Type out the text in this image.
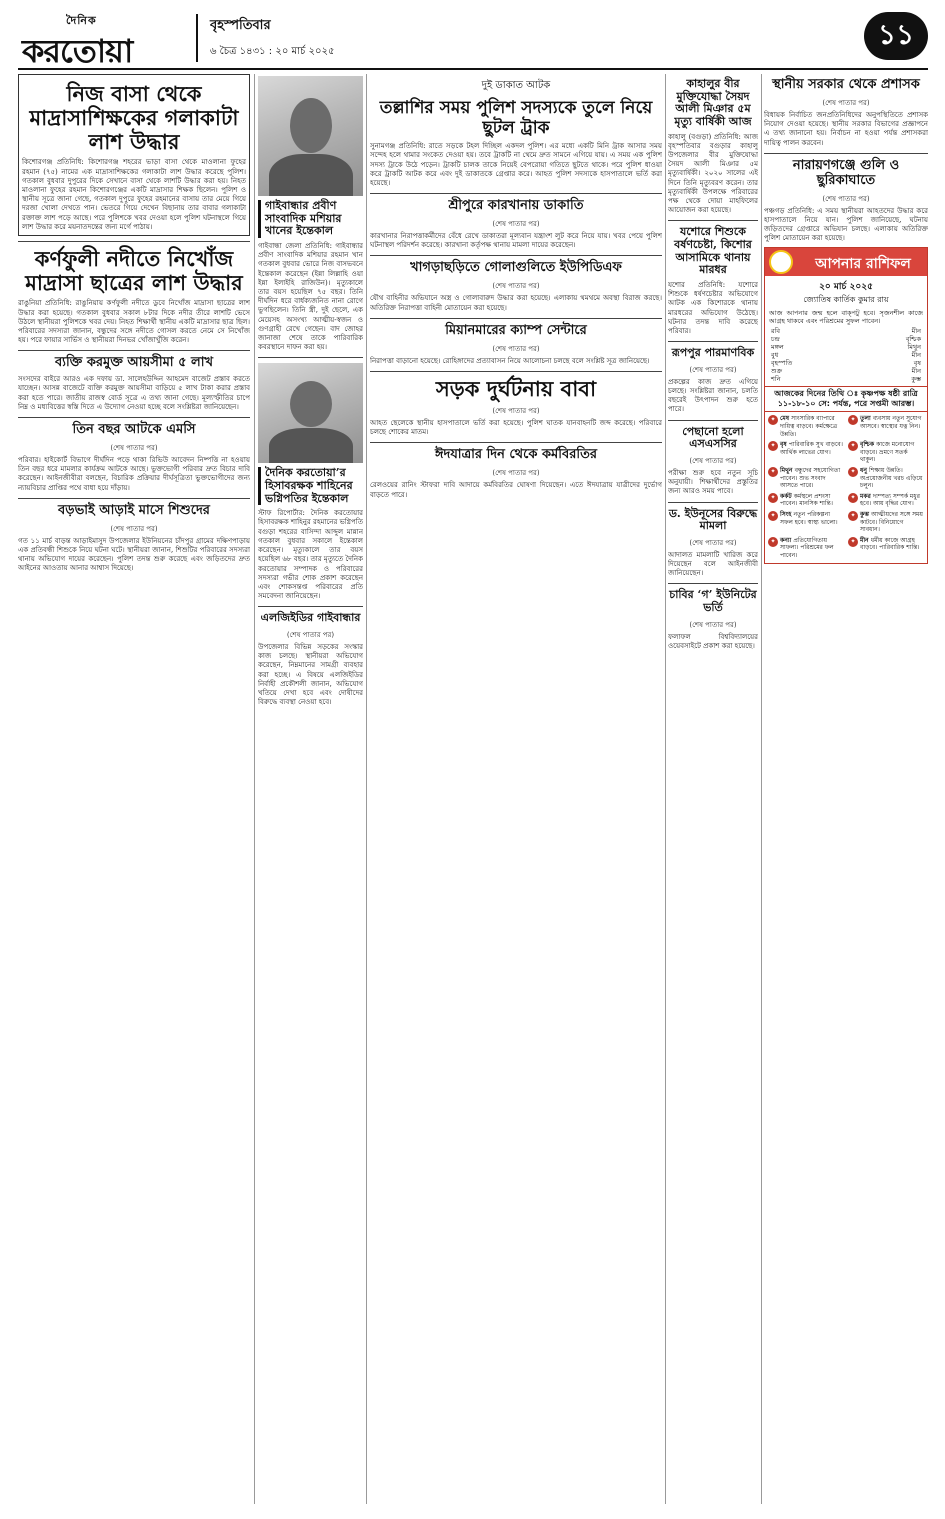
দৈনিক
করতোয়া
বৃহস্পতিবার
৬ চৈত্র ১৪৩১ : ২০ মার্চ ২০২৫
১১
নিজ বাসা থেকে মাদ্রাসাশিক্ষকের গলাকাটা লাশ উদ্ধার

কিশোরগঞ্জ প্রতিনিধি: কিশোরগঞ্জ শহরের ভাড়া বাসা থেকে মাওলানা ফুহের রহমান (৭৫) নামের এক মাদ্রাসাশিক্ষকের গলাকাটা লাশ উদ্ধার করেছে পুলিশ। গতকাল বুধবার দুপুরের দিকে সেখানে বাসা থেকে লাশটি উদ্ধার করা হয়। নিহত মাওলানা ফুহের রহমান কিশোরগঞ্জের একটি মাদ্রাসার শিক্ষক ছিলেন। পুলিশ ও স্থানীয় সূত্রে জানা গেছে, গতকাল দুপুরে ফুহের রহমানের বাসায় তার মেয়ে গিয়ে দরজা খোলা দেখতে পান। ভেতরে গিয়ে দেখেন বিছানায় তার বাবার গলাকাটা রক্তাক্ত লাশ পড়ে আছে। পরে পুলিশকে খবর দেওয়া হলে পুলিশ ঘটনাস্থলে গিয়ে লাশ উদ্ধার করে ময়নাতদন্তের জন্য মর্গে পাঠায়।

কর্ণফুলী নদীতে নিখোঁজ মাদ্রাসা ছাত্রের লাশ উদ্ধার

রাঙুনিয়া প্রতিনিধি: রাঙুনিয়ায় কর্ণফুলী নদীতে ডুবে নিখোঁজ মাদ্রাসা ছাত্রের লাশ উদ্ধার করা হয়েছে। গতকাল বুধবার সকাল ৮টার দিকে নদীর তীরে লাশটি ভেসে উঠলে স্থানীয়রা পুলিশকে খবর দেয়। নিহত শিক্ষার্থী স্থানীয় একটি মাদ্রাসার ছাত্র ছিল। পরিবারের সদস্যরা জানান, বন্ধুদের সঙ্গে নদীতে গোসল করতে নেমে সে নিখোঁজ হয়। পরে ফায়ার সার্ভিস ও স্থানীয়রা দিনভর খোঁজাখুঁজি করেন।

ব্যক্তি করমুক্ত আয়সীমা ৫ লাখ

সংসদের বাইরে আরও এক দফায় ডা. সালেহউদ্দিন আহমেদ বাজেট প্রস্তাব করতে যাচ্ছেন। আসন্ন বাজেটে ব্যক্তি করমুক্ত আয়সীমা বাড়িয়ে ৫ লাখ টাকা করার প্রস্তাব করা হতে পারে। জাতীয় রাজস্ব বোর্ড সূত্রে এ তথ্য জানা গেছে। মূল্যস্ফীতির চাপে নিম্ন ও মধ্যবিত্তের স্বস্তি দিতে এ উদ্যোগ নেওয়া হচ্ছে বলে সংশ্লিষ্টরা জানিয়েছেন।

তিন বছর আটকে এমসি

(শেষ পাতার পর)

পরিবার। হাইকোর্ট বিভাগে দীর্ঘদিন পড়ে থাকা রিভিউ আবেদন নিষ্পত্তি না হওয়ায় তিন বছর ধরে মামলার কার্যক্রম আটকে আছে। ভুক্তভোগী পরিবার দ্রুত বিচার দাবি করেছেন। আইনজীবীরা বলছেন, বিচারিক প্রক্রিয়ার দীর্ঘসূত্রিতা ভুক্তভোগীদের জন্য ন্যায়বিচার প্রাপ্তির পথে বাধা হয়ে দাঁড়ায়।

বড়ভাই আড়াই মাসে শিশুদের

(শেষ পাতার পর)

গত ১১ মার্চ বাড়ন্ত আড়াইমাসুদ উপজেলার ইউনিয়নের চাঁদপুর গ্রামের দক্ষিণপাড়ায় এক প্রতিবন্ধী শিশুকে নিয়ে ঘটনা ঘটে। স্থানীয়রা জানান, শিশুটির পরিবারের সদস্যরা থানায় অভিযোগ দায়ের করেছেন। পুলিশ তদন্ত শুরু করেছে এবং জড়িতদের দ্রুত আইনের আওতায় আনার আশ্বাস দিয়েছে।

গাইবান্ধার প্রবীণ সাংবাদিক মশিয়ার খানের ইন্তেকাল

গাইবান্ধা জেলা প্রতিনিধি: গাইবান্ধার প্রবীণ সাংবাদিক মশিয়ার রহমান খান গতকাল বুধবার ভোরে নিজ বাসভবনে ইন্তেকাল করেছেন (ইন্না লিল্লাহি ওয়া ইন্না ইলাইহি রাজিউন)। মৃত্যুকালে তার বয়স হয়েছিল ৭৫ বছর। তিনি দীর্ঘদিন ধরে বার্ধক্যজনিত নানা রোগে ভুগছিলেন। তিনি স্ত্রী, দুই ছেলে, এক মেয়েসহ অসংখ্য আত্মীয়-স্বজন ও গুণগ্রাহী রেখে গেছেন। বাদ জোহর জানাজা শেষে তাকে পারিবারিক কবরস্থানে দাফন করা হয়।

দৈনিক করতোয়া’র হিসাবরক্ষক শাহিনের ভগ্নিপতির ইন্তেকাল

স্টাফ রিপোর্টার: দৈনিক করতোয়ার হিসাবরক্ষক শাহিনুর রহমানের ভগ্নিপতি বগুড়া শহরের বাসিন্দা আব্দুল মান্নান গতকাল বুধবার সকালে ইন্তেকাল করেছেন। মৃত্যুকালে তার বয়স হয়েছিল ৬৮ বছর। তার মৃত্যুতে দৈনিক করতোয়ার সম্পাদক ও পরিবারের সদস্যরা গভীর শোক প্রকাশ করেছেন এবং শোকসন্তপ্ত পরিবারের প্রতি সমবেদনা জানিয়েছেন।

এলজিইডির গাইবান্ধার

(শেষ পাতার পর)

উপজেলার বিভিন্ন সড়কের সংস্কার কাজ চলছে। স্থানীয়রা অভিযোগ করেছেন, নিম্নমানের সামগ্রী ব্যবহার করা হচ্ছে। এ বিষয়ে এলজিইডির নির্বাহী প্রকৌশলী জানান, অভিযোগ খতিয়ে দেখা হবে এবং দোষীদের বিরুদ্ধে ব্যবস্থা নেওয়া হবে।

দুই ডাকাত আটক

তল্লাশির সময় পুলিশ সদস্যকে তুলে নিয়ে ছুটল ট্রাক

সুনামগঞ্জ প্রতিনিধি: রাতে সড়কে টহল দিচ্ছিল একদল পুলিশ। এর মধ্যে একটি মিনি ট্রাক আসার সময় সন্দেহ হলে থামার সংকেত দেওয়া হয়। তবে ট্রাকটি না থেমে দ্রুত সামনে এগিয়ে যায়। এ সময় এক পুলিশ সদস্য ট্রাকে উঠে পড়েন। ট্রাকটি চালক তাকে নিয়েই বেপরোয়া গতিতে ছুটতে থাকে। পরে পুলিশ ধাওয়া করে ট্রাকটি আটক করে এবং দুই ডাকাতকে গ্রেপ্তার করে। আহত পুলিশ সদস্যকে হাসপাতালে ভর্তি করা হয়েছে।

শ্রীপুরে কারখানায় ডাকাতি

(শেষ পাতার পর)

কারখানার নিরাপত্তাকর্মীদের বেঁধে রেখে ডাকাতরা মূল্যবান যন্ত্রাংশ লুট করে নিয়ে যায়। খবর পেয়ে পুলিশ ঘটনাস্থল পরিদর্শন করেছে। কারখানা কর্তৃপক্ষ থানায় মামলা দায়ের করেছেন।

খাগড়াছড়িতে গোলাগুলিতে ইউপিডিএফ

(শেষ পাতার পর)

যৌথ বাহিনীর অভিযানে অস্ত্র ও গোলাবারুদ উদ্ধার করা হয়েছে। এলাকায় থমথমে অবস্থা বিরাজ করছে। অতিরিক্ত নিরাপত্তা বাহিনী মোতায়েন করা হয়েছে।

মিয়ানমারের ক্যাম্প সেন্টারে

(শেষ পাতার পর)

নিরাপত্তা বাড়ানো হয়েছে। রোহিঙ্গাদের প্রত্যাবাসন নিয়ে আলোচনা চলছে বলে সংশ্লিষ্ট সূত্র জানিয়েছে।

সড়ক দুর্ঘটনায় বাবা

(শেষ পাতার পর)

আহত ছেলেকে স্থানীয় হাসপাতালে ভর্তি করা হয়েছে। পুলিশ ঘাতক যানবাহনটি জব্দ করেছে। পরিবারে চলছে শোকের মাতম।

ঈদযাত্রার দিন থেকে কর্মবিরতির

(শেষ পাতার পর)

রেলওয়ের রানিং স্টাফরা দাবি আদায়ে কর্মবিরতির ঘোষণা দিয়েছেন। এতে ঈদযাত্রায় যাত্রীদের দুর্ভোগ বাড়তে পারে।

কাহালুর বীর মুক্তিযোদ্ধা সৈয়দ আলী মিঞার ৫ম মৃত্যু বার্ষিকী আজ

কাহালু (বগুড়া) প্রতিনিধি: আজ বৃহস্পতিবার বগুড়ার কাহালু উপজেলার বীর মুক্তিযোদ্ধা সৈয়দ আলী মিঞার ৫ম মৃত্যুবার্ষিকী। ২০২০ সালের এই দিনে তিনি মৃত্যুবরণ করেন। তার মৃত্যুবার্ষিকী উপলক্ষে পরিবারের পক্ষ থেকে দোয়া মাহফিলের আয়োজন করা হয়েছে।

যশোরে শিশুকে বর্ষণচেষ্টা, কিশোর আসামিকে থানায় মারধর

যশোর প্রতিনিধি: যশোরে শিশুকে ধর্ষণচেষ্টার অভিযোগে আটক এক কিশোরকে থানায় মারধরের অভিযোগ উঠেছে। ঘটনার তদন্ত দাবি করেছে পরিবার।

রূপপুর পারমাণবিক

(শেষ পাতার পর)

প্রকল্পের কাজ দ্রুত এগিয়ে চলছে। সংশ্লিষ্টরা জানান, চলতি বছরেই উৎপাদন শুরু হতে পারে।

পেছানো হলো এসএসসির

(শেষ পাতার পর)

পরীক্ষা শুরু হবে নতুন সূচি অনুযায়ী। শিক্ষার্থীদের প্রস্তুতির জন্য আরও সময় পাবে।

ড. ইউনূসের বিরুদ্ধে মামলা

(শেষ পাতার পর)

আদালত মামলাটি খারিজ করে দিয়েছেন বলে আইনজীবী জানিয়েছেন।

চাবির ‘গ’ ইউনিটের ভর্তি

(শেষ পাতার পর)

ফলাফল বিশ্ববিদ্যালয়ের ওয়েবসাইটে প্রকাশ করা হয়েছে।

স্থানীয় সরকার থেকে প্রশাসক

(শেষ পাতার পর)

বিধায়ক নির্বাচিত জনপ্রতিনিধিদের অনুপস্থিতিতে প্রশাসক নিয়োগ দেওয়া হয়েছে। স্থানীয় সরকার বিভাগের প্রজ্ঞাপনে এ তথ্য জানানো হয়। নির্বাচন না হওয়া পর্যন্ত প্রশাসকরা দায়িত্ব পালন করবেন।

নারায়ণগঞ্জে গুলি ও ছুরিকাঘাতে

(শেষ পাতার পর)

পঞ্চগড় প্রতিনিধি: এ সময় স্থানীয়রা আহতদের উদ্ধার করে হাসপাতালে নিয়ে যান। পুলিশ জানিয়েছে, ঘটনায় জড়িতদের গ্রেপ্তারে অভিযান চলছে। এলাকায় অতিরিক্ত পুলিশ মোতায়েন করা হয়েছে।

আপনার রাশিফল
২০ মার্চ ২০২৫
জ্যোতিষ কার্তিক কুমার রায়

আজ আপনার জন্ম হলে বাক্পটু হবে। সৃজনশীল কাজে আগ্রহ থাকবে এবং পরিশ্রমের সুফল পাবেন।

রবি	মীন
চন্দ্র	বৃশ্চিক
মঙ্গল	মিথুন
বুধ	মীন
বৃহস্পতি	বৃষ
শুক্র	মীন
শনি	কুম্ভ
আজকের দিনের তিথি ঃ কৃষ্ণপক্ষ ষষ্ঠী রাত্রি ১১-১৮-১০ সে: পর্যন্ত, পরে সপ্তমী আরম্ভ।
✦ মেষ সাংসারিক ব্যাপারে দায়িত্ব বাড়বে। কর্মক্ষেত্রে উন্নতি।
✦ তুলা ব্যবসায় নতুন সুযোগ আসবে। স্বাস্থ্যের যত্ন নিন।
✦ বৃষ পারিবারিক সুখ বাড়বে। আর্থিক লাভের যোগ।
✦ বৃশ্চিক কাজে মনোযোগ বাড়বে। ভ্রমণে সতর্ক থাকুন।
✦ মিথুন বন্ধুদের সহযোগিতা পাবেন। শুভ সংবাদ আসতে পারে।
✦ ধনু শিক্ষায় উন্নতি। অপ্রয়োজনীয় খরচ এড়িয়ে চলুন।
✦ কর্কট কর্মস্থলে প্রশংসা পাবেন। মানসিক শান্তি।
✦ মকর দাম্পত্য সম্পর্ক মধুর হবে। আয় বৃদ্ধির যোগ।
✦ সিংহ নতুন পরিকল্পনা সফল হবে। স্বাস্থ্য ভালো।
✦ কুম্ভ আত্মীয়দের সঙ্গে সময় কাটবে। বিনিয়োগে সাবধান।
✦ কন্যা প্রতিযোগিতায় সাফল্য। পরিশ্রমের ফল পাবেন।
✦ মীন ধর্মীয় কাজে আগ্রহ বাড়বে। পারিবারিক শান্তি।
